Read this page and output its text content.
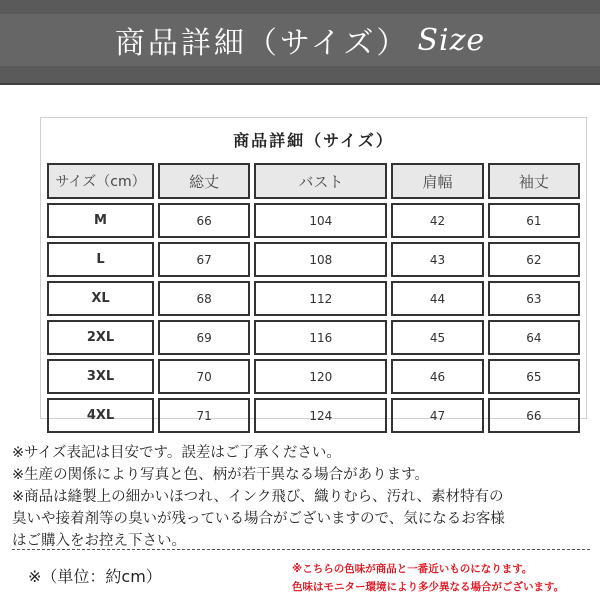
商品詳細（サイズ） Size
商品詳細（サイズ）
サイズ（cm）	総丈	バスト	肩幅	袖丈
M	66	104	42	61
L	67	108	43	62
XL	68	112	44	63
2XL	69	116	45	64
3XL	70	120	46	65
4XL	71	124	47	66
※サイズ表記は目安です。誤差はご了承ください。
※生産の関係により写真と色、柄が若干異なる場合があります。
※商品は縫製上の細かいほつれ、インク飛び、織りむら、汚れ、素材特有の
臭いや接着剤等の臭いが残っている場合がございますので、気になるお客様
はご購入をお控え下さい。
※（単位：約cm）	※こちらの色味が商品と一番近いものになります。
色味はモニター環境により多少異なる場合がございます。
